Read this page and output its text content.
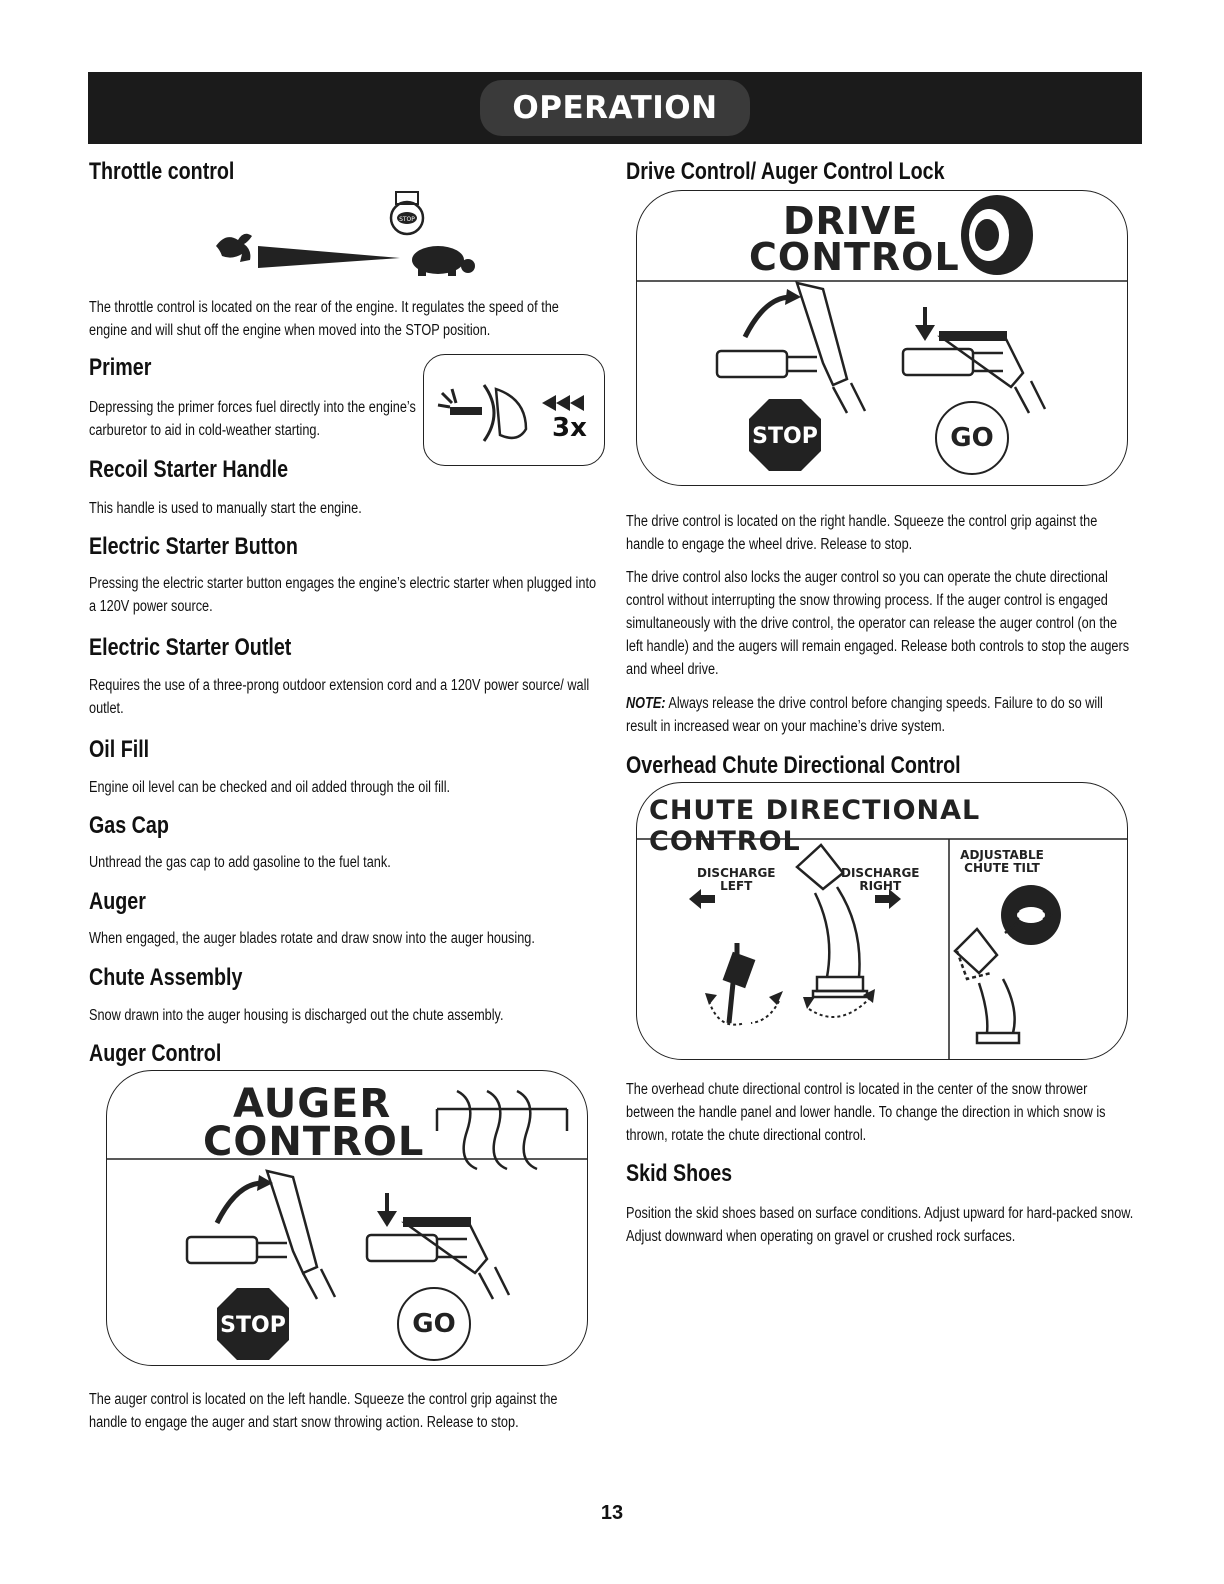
OPERATION
Throttle control
STOP

The throttle control is located on the rear of the engine. It regulates the speed of the engine and will shut off the engine when moved into the STOP position.

Primer

Depressing the primer forces fuel directly into the engine’s carburetor to aid in cold-weather starting.	3x
Recoil Starter Handle

This handle is used to manually start the engine.

Electric Starter Button

Pressing the electric starter button engages the engine’s electric starter when plugged into a 120V power source.

Electric Starter Outlet

Requires the use of a three-prong outdoor extension cord and a 120V power source/ wall outlet.

Oil Fill

Engine oil level can be checked and oil added through the oil fill.

Gas Cap

Unthread the gas cap to add gasoline to the fuel tank.

Auger

When engaged, the auger blades rotate and draw snow into the auger housing.

Chute Assembly

Snow drawn into the auger housing is discharged out the chute assembly.

Auger Control
AUGER
CONTROL
STOP	GO

The auger control is located on the left handle. Squeeze the control grip against the handle to engage the auger and start snow throwing action. Release to stop.

Drive Control/ Auger Control Lock
DRIVE
CONTROL
STOP	GO

The drive control is located on the right handle. Squeeze the control grip against the handle to engage the wheel drive. Release to stop.

The drive control also locks the auger control so you can operate the chute directional control without interrupting the snow throwing process. If the auger control is engaged simultaneously with the drive control, the operator can release the auger control (on the left handle) and the augers will remain engaged. Release both controls to stop the augers and wheel drive.

NOTE: Always release the drive control before changing speeds. Failure to do so will result in increased wear on your machine’s drive system.

Overhead Chute Directional Control
CHUTE DIRECTIONAL CONTROL
DISCHARGE
LEFT
DISCHARGE
RIGHT
ADJUSTABLE
CHUTE TILT

The overhead chute directional control is located in the center of the snow thrower between the handle panel and lower handle. To change the direction in which snow is thrown, rotate the chute directional control.

Skid Shoes

Position the skid shoes based on surface conditions. Adjust upward for hard-packed snow. Adjust downward when operating on gravel or crushed rock surfaces.

13
